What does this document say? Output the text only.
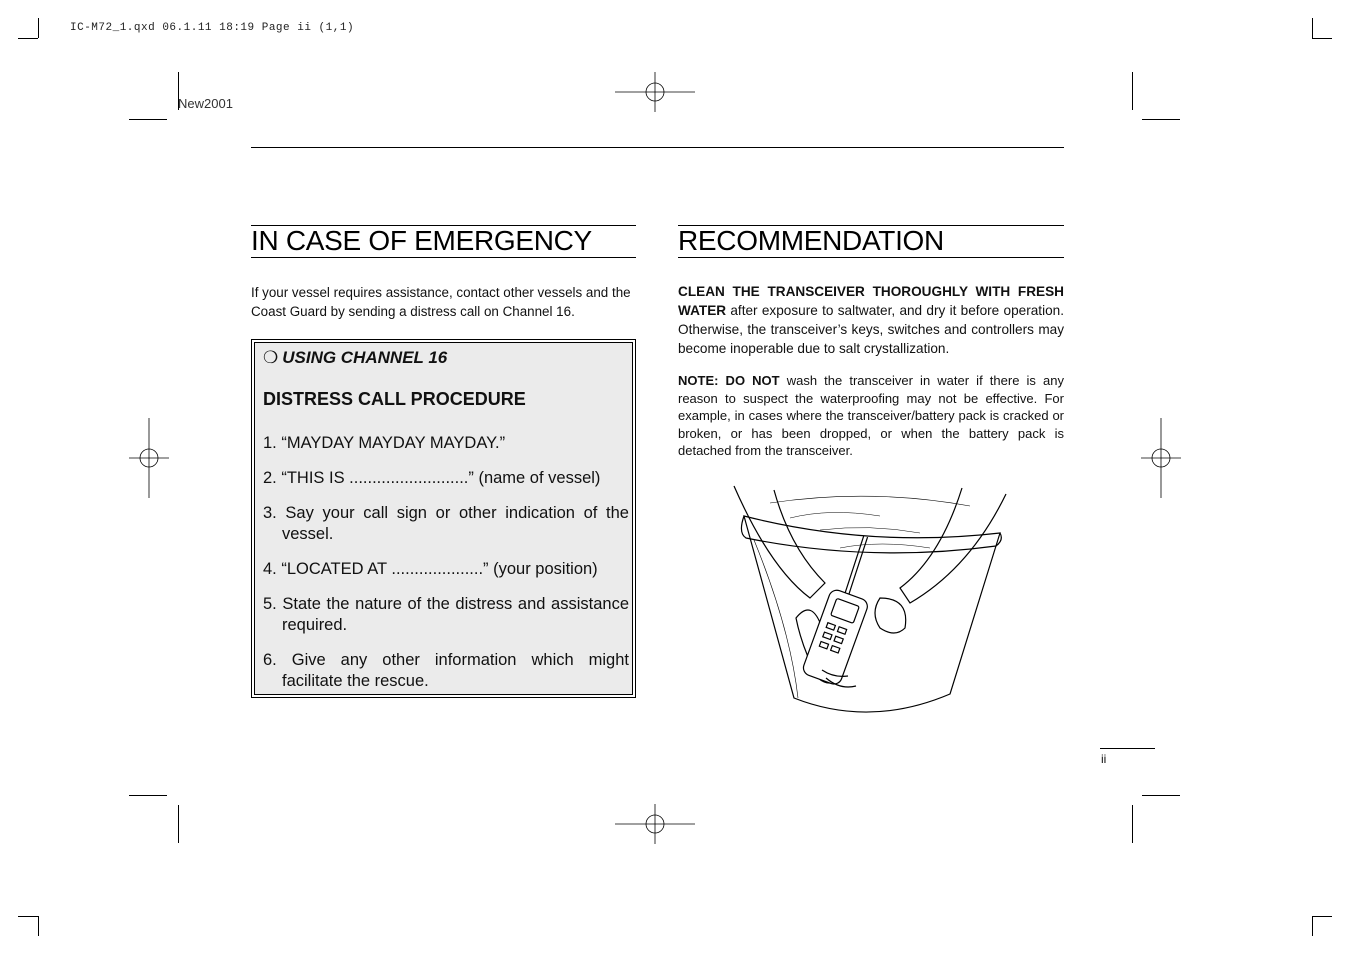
IC-M72_1.qxd 06.1.11 18:19 Page ii (1,1)
New2001
IN CASE OF EMERGENCY

If your vessel requires assistance, contact other vessels and the Coast Guard by sending a distress call on Channel 16.

❍ USING CHANNEL 16
DISTRESS CALL PROCEDURE
1. “MAYDAY MAYDAY MAYDAY.”
2. “THIS IS ..........................” (name of vessel)
3. Say your call sign or other indication of the vessel.
4. “LOCATED AT ....................” (your position)
5. State the nature of the distress and assistance required.
6. Give any other information which might facilitate the rescue.
RECOMMENDATION

CLEAN THE TRANSCEIVER THOROUGHLY WITH FRESH WATER after exposure to saltwater, and dry it before operation. Otherwise, the transceiver’s keys, switches and controllers may become inoperable due to salt crystallization.

NOTE: DO NOT wash the transceiver in water if there is any reason to suspect the waterproofing may not be effective. For example, in cases where the transceiver/battery pack is cracked or broken, or has been dropped, or when the battery pack is detached from the transceiver.

ii
